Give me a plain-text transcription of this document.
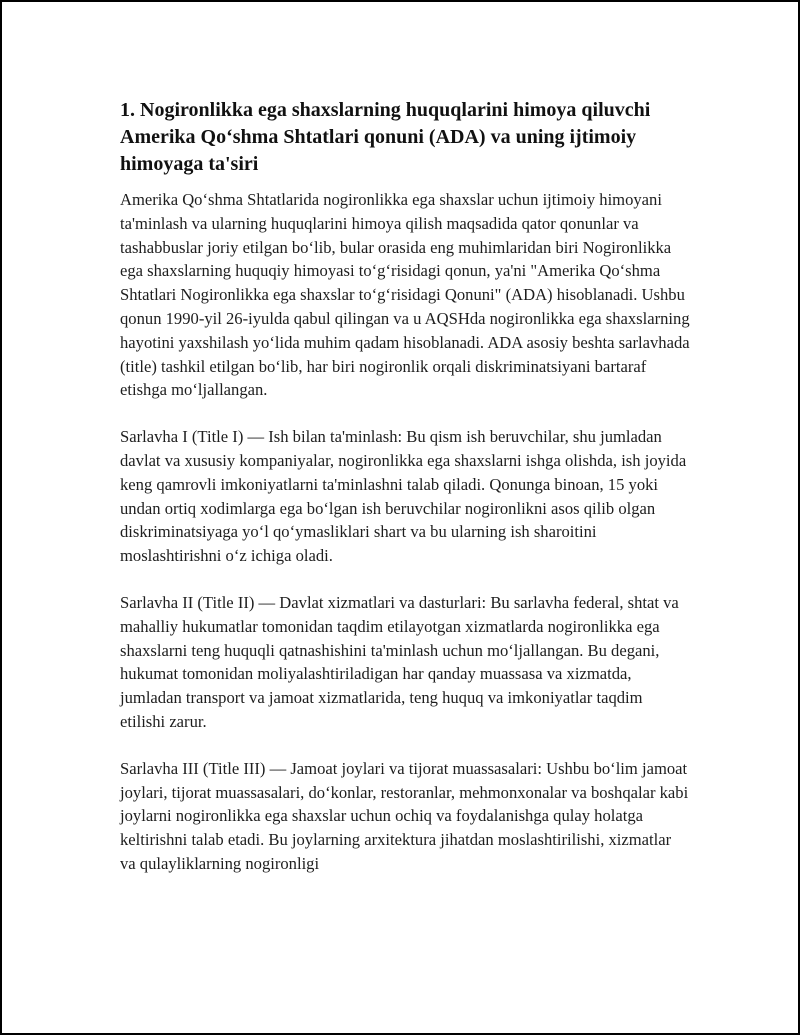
1. Nogironlikka ega shaxslarning huquqlarini himoya qiluvchi Amerika Qo‘shma Shtatlari qonuni (ADA) va uning ijtimoiy himoyaga ta'siri

Amerika Qo‘shma Shtatlarida nogironlikka ega shaxslar uchun ijtimoiy himoyani ta'minlash va ularning huquqlarini himoya qilish maqsadida qator qonunlar va tashabbuslar joriy etilgan bo‘lib, bular orasida eng muhimlaridan biri Nogironlikka ega shaxslarning huquqiy himoyasi to‘g‘risidagi qonun, ya'ni "Amerika Qo‘shma Shtatlari Nogironlikka ega shaxslar to‘g‘risidagi Qonuni" (ADA) hisoblanadi. Ushbu qonun 1990-yil 26-iyulda qabul qilingan va u AQSHda nogironlikka ega shaxslarning hayotini yaxshilash yo‘lida muhim qadam hisoblanadi. ADA asosiy beshta sarlavhada (title) tashkil etilgan bo‘lib, har biri nogironlik orqali diskriminatsiyani bartaraf etishga mo‘ljallangan.

Sarlavha I (Title I) — Ish bilan ta'minlash: Bu qism ish beruvchilar, shu jumladan davlat va xususiy kompaniyalar, nogironlikka ega shaxslarni ishga olishda, ish joyida keng qamrovli imkoniyatlarni ta'minlashni talab qiladi. Qonunga binoan, 15 yoki undan ortiq xodimlarga ega bo‘lgan ish beruvchilar nogironlikni asos qilib olgan diskriminatsiyaga yo‘l qo‘ymasliklari shart va bu ularning ish sharoitini moslashtirishni o‘z ichiga oladi.

Sarlavha II (Title II) — Davlat xizmatlari va dasturlari: Bu sarlavha federal, shtat va mahalliy hukumatlar tomonidan taqdim etilayotgan xizmatlarda nogironlikka ega shaxslarni teng huquqli qatnashishini ta'minlash uchun mo‘ljallangan. Bu degani, hukumat tomonidan moliyalashtiriladigan har qanday muassasa va xizmatda, jumladan transport va jamoat xizmatlarida, teng huquq va imkoniyatlar taqdim etilishi zarur.

Sarlavha III (Title III) — Jamoat joylari va tijorat muassasalari: Ushbu bo‘lim jamoat joylari, tijorat muassasalari, do‘konlar, restoranlar, mehmonxonalar va boshqalar kabi joylarni nogironlikka ega shaxslar uchun ochiq va foydalanishga qulay holatga keltirishni talab etadi. Bu joylarning arxitektura jihatdan moslashtirilishi, xizmatlar va qulayliklarning nogironligi
